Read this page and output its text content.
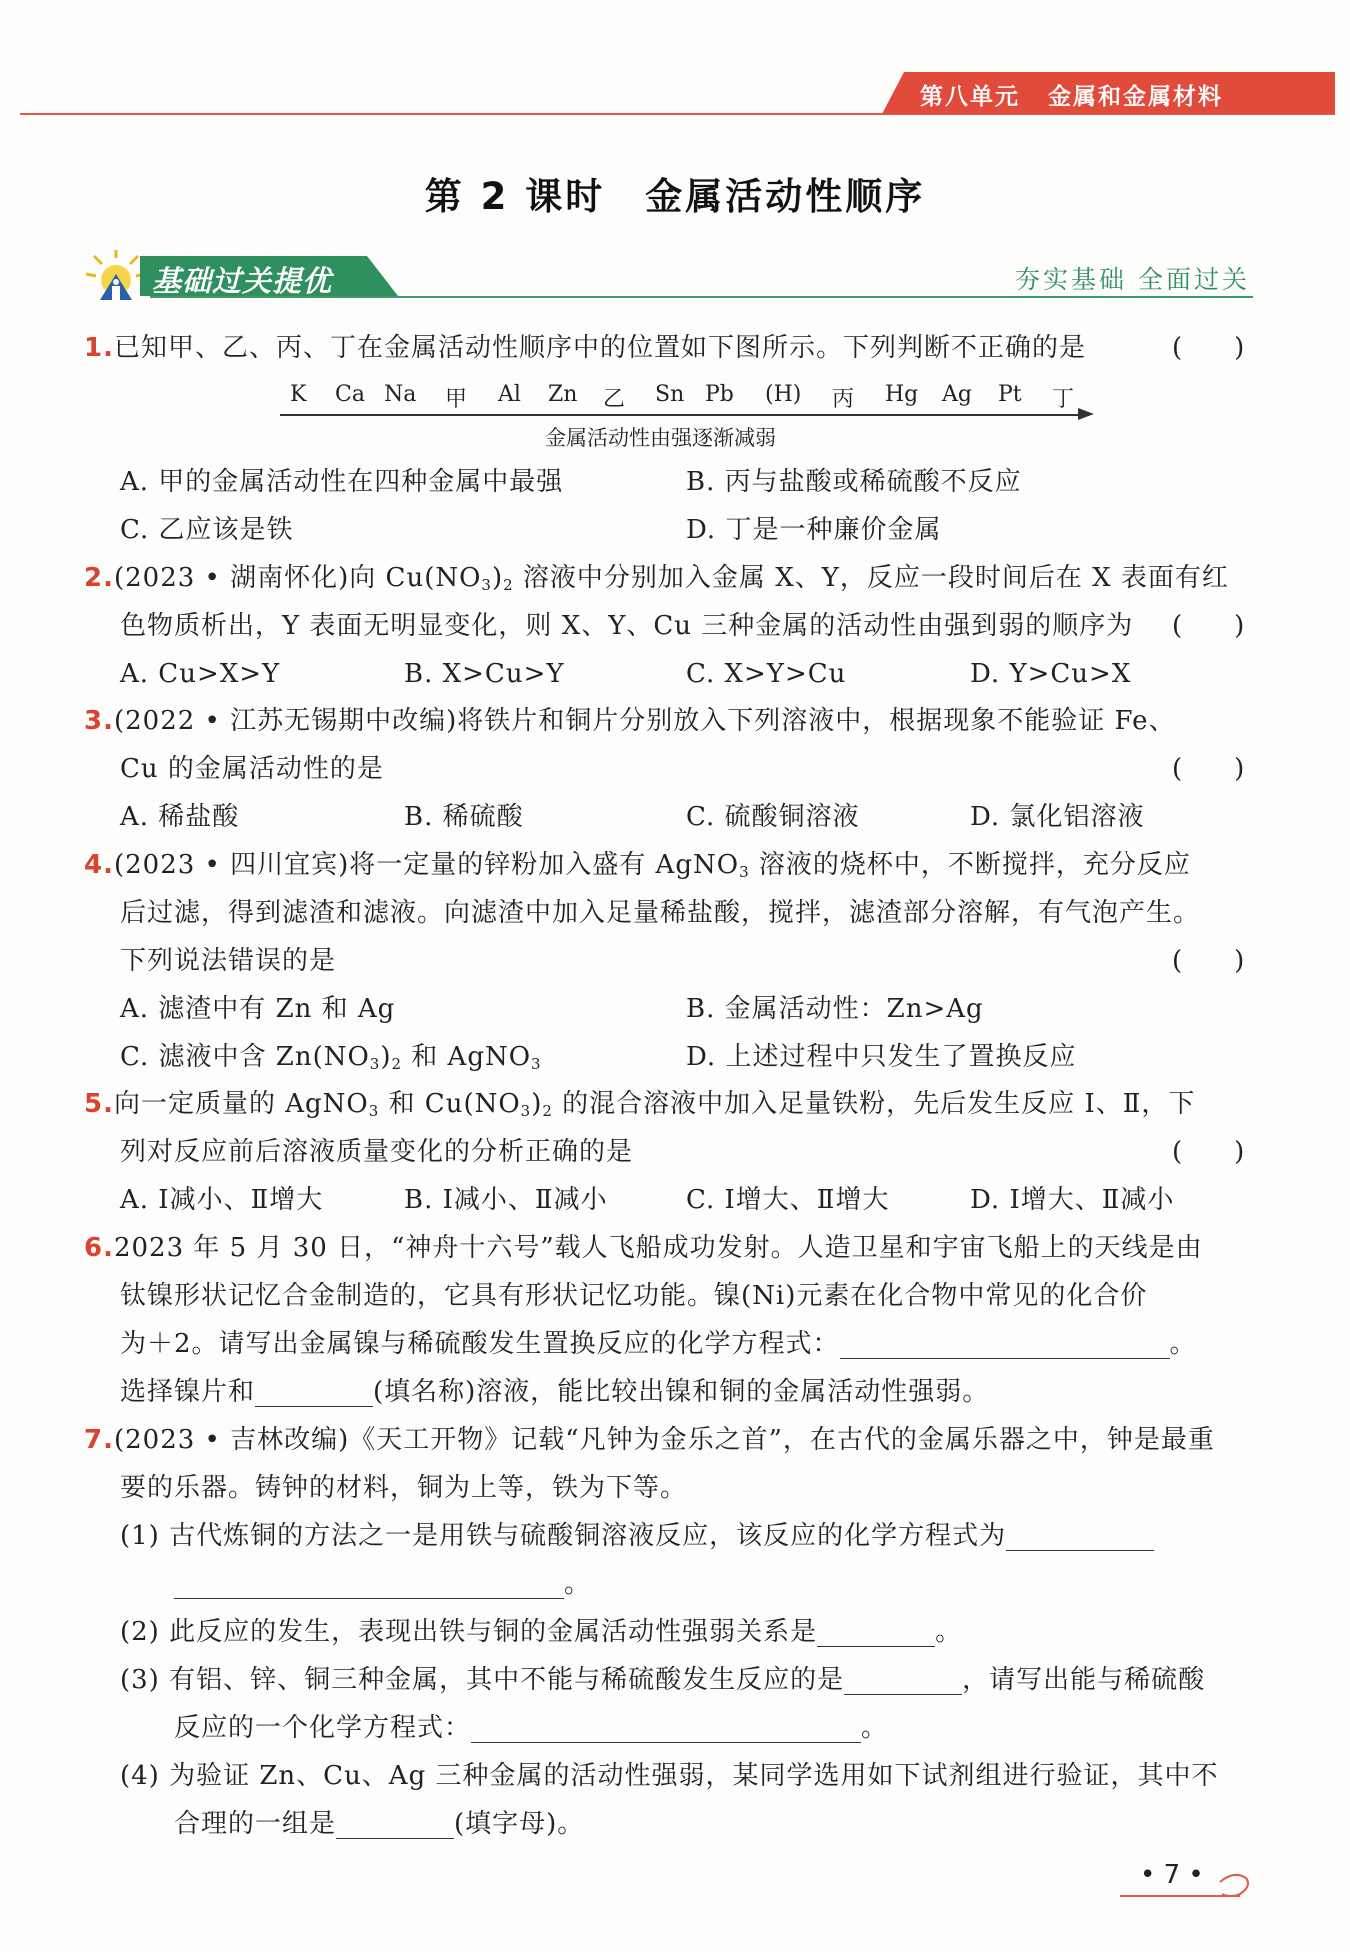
第八单元 金属和金属材料
第 2 课时　金属活动性顺序
基础过关提优	夯实基础 全面过关
1.已知甲、乙、丙、丁在金属活动性顺序中的位置如下图所示。下列判断不正确的是	(　　)
K Ca Na 甲 Al Zn 乙 Sn Pb (H) 丙 Hg Ag Pt 丁
金属活动性由强逐渐减弱
A. 甲的金属活动性在四种金属中最强	B. 丙与盐酸或稀硫酸不反应
C. 乙应该是铁	D. 丁是一种廉价金属
2.(2023 • 湖南怀化)向 $Cu(NO_3)_2$ 溶液中分别加入金属 X、Y，反应一段时间后在 X 表面有红
色物质析出，Y 表面无明显变化，则 X、Y、Cu 三种金属的活动性由强到弱的顺序为 (　　)
A. Cu>X>Y	B. X>Cu>Y	C. X>Y>Cu	D. Y>Cu>X
3.(2022 • 江苏无锡期中改编)将铁片和铜片分别放入下列溶液中，根据现象不能验证 Fe、
Cu 的金属活动性的是	(　　)
A. 稀盐酸	B. 稀硫酸	C. 硫酸铜溶液	D. 氯化铝溶液
4.(2023 • 四川宜宾)将一定量的锌粉加入盛有 AgNO$_3$ 溶液的烧杯中，不断搅拌，充分反应
后过滤，得到滤渣和滤液。向滤渣中加入足量稀盐酸，搅拌，滤渣部分溶解，有气泡产生。
下列说法错误的是	(　　)
A. 滤渣中有 Zn 和 Ag	B. 金属活动性：Zn>Ag
C. 滤液中含 $Zn(NO_3)_2$ 和 AgNO$_3$	D. 上述过程中只发生了置换反应
5.向一定质量的 AgNO$_3$ 和 $Cu(NO_3)_2$ 的混合溶液中加入足量铁粉，先后发生反应 Ⅰ、Ⅱ，下
列对反应前后溶液质量变化的分析正确的是	(　　)
A. Ⅰ减小、Ⅱ增大	B. Ⅰ减小、Ⅱ减小	C. Ⅰ增大、Ⅱ增大	D. Ⅰ增大、Ⅱ减小
6.2023 年 5 月 30 日，“神舟十六号”载人飞船成功发射。人造卫星和宇宙飞船上的天线是由
钛镍形状记忆合金制造的，它具有形状记忆功能。镍(Ni)元素在化合物中常见的化合价
为＋2。请写出金属镍与稀硫酸发生置换反应的化学方程式：	。
选择镍片和	(填名称)溶液，能比较出镍和铜的金属活动性强弱。
7.(2023 • 吉林改编)《天工开物》记载“凡钟为金乐之首”，在古代的金属乐器之中，钟是最重
要的乐器。铸钟的材料，铜为上等，铁为下等。
(1) 古代炼铜的方法之一是用铁与硫酸铜溶液反应，该反应的化学方程式为
。
(2) 此反应的发生，表现出铁与铜的金属活动性强弱关系是	。
(3) 有铝、锌、铜三种金属，其中不能与稀硫酸发生反应的是	，请写出能与稀硫酸
反应的一个化学方程式：	。
(4) 为验证 Zn、Cu、Ag 三种金属的活动性强弱，某同学选用如下试剂组进行验证，其中不
合理的一组是	(填字母)。
• 7 •
